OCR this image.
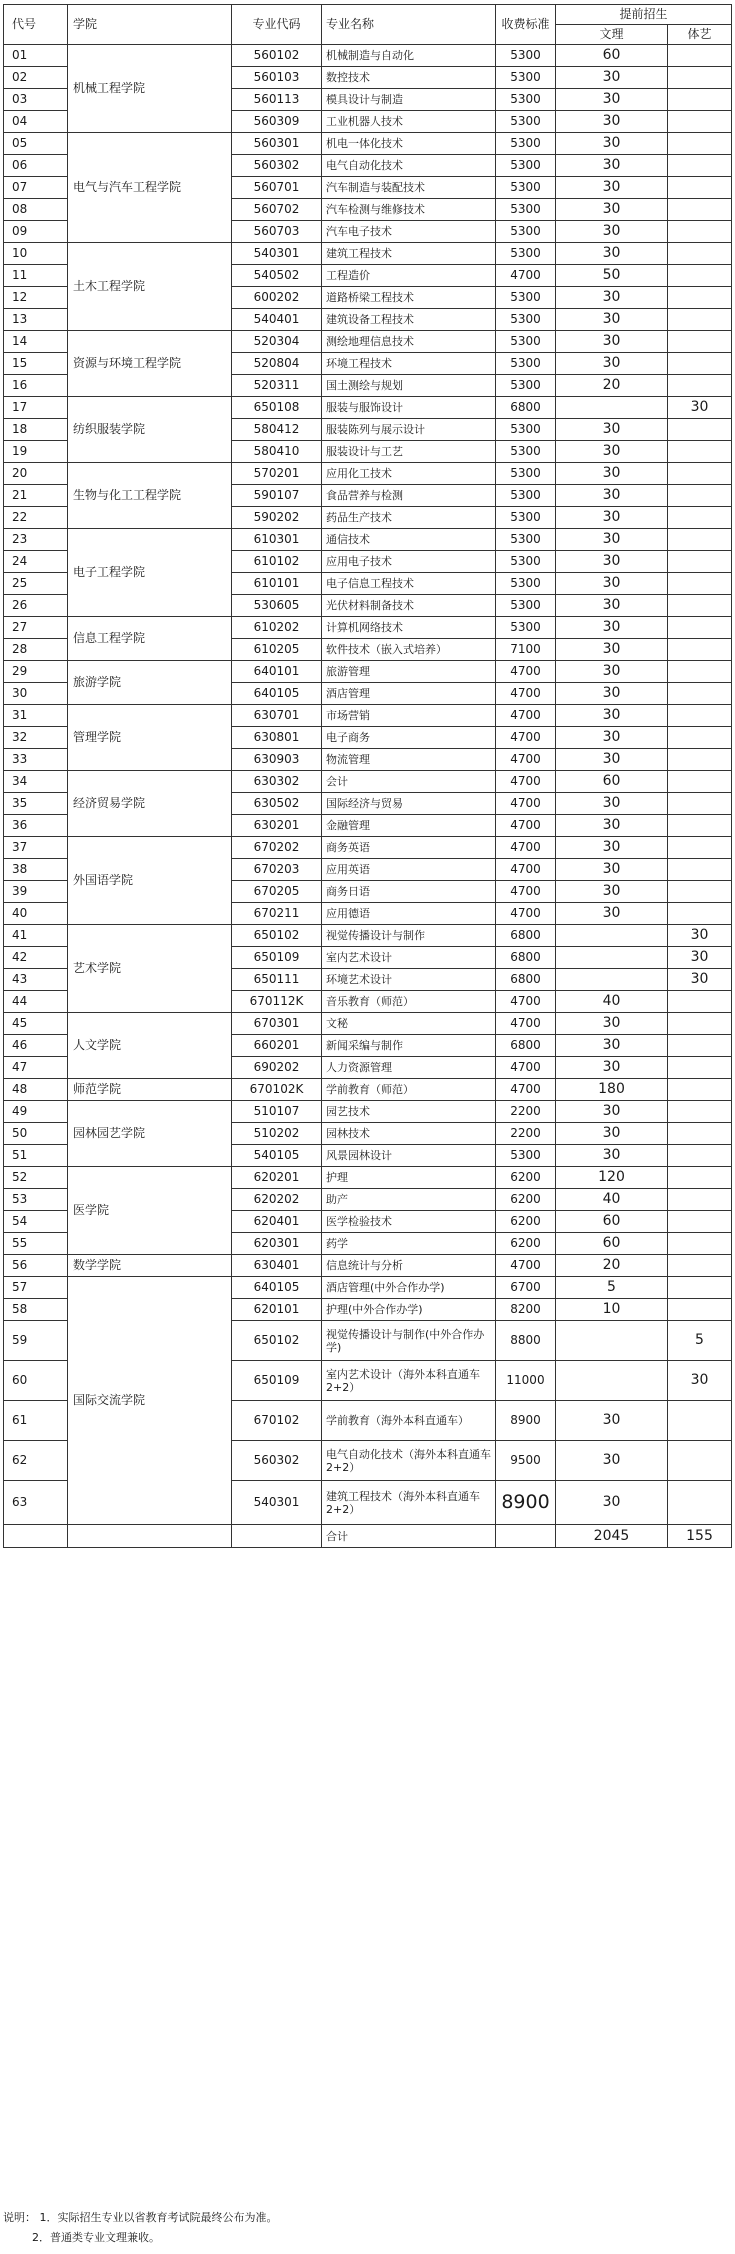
代号	学院	专业代码	专业名称	收费标准	提前招生	
					文理	体艺
01	机械工程学院	560102	机械制造与自动化	5300	60	
02		560103	数控技术	5300	30	
03		560113	模具设计与制造	5300	30	
04		560309	工业机器人技术	5300	30	
05	电气与汽车工程学院	560301	机电一体化技术	5300	30	
06		560302	电气自动化技术	5300	30	
07		560701	汽车制造与装配技术	5300	30	
08		560702	汽车检测与维修技术	5300	30	
09		560703	汽车电子技术	5300	30	
10	土木工程学院	540301	建筑工程技术	5300	30	
11		540502	工程造价	4700	50	
12		600202	道路桥梁工程技术	5300	30	
13		540401	建筑设备工程技术	5300	30	
14	资源与环境工程学院	520304	测绘地理信息技术	5300	30	
15		520804	环境工程技术	5300	30	
16		520311	国土测绘与规划	5300	20	
17	纺织服装学院	650108	服装与服饰设计	6800		30
18		580412	服装陈列与展示设计	5300	30	
19		580410	服装设计与工艺	5300	30	
20	生物与化工工程学院	570201	应用化工技术	5300	30	
21		590107	食品营养与检测	5300	30	
22		590202	药品生产技术	5300	30	
23	电子工程学院	610301	通信技术	5300	30	
24		610102	应用电子技术	5300	30	
25		610101	电子信息工程技术	5300	30	
26		530605	光伏材料制备技术	5300	30	
27	信息工程学院	610202	计算机网络技术	5300	30	
28		610205	软件技术（嵌入式培养）	7100	30	
29	旅游学院	640101	旅游管理	4700	30	
30		640105	酒店管理	4700	30	
31	管理学院	630701	市场营销	4700	30	
32		630801	电子商务	4700	30	
33		630903	物流管理	4700	30	
34	经济贸易学院	630302	会计	4700	60	
35		630502	国际经济与贸易	4700	30	
36		630201	金融管理	4700	30	
37	外国语学院	670202	商务英语	4700	30	
38		670203	应用英语	4700	30	
39		670205	商务日语	4700	30	
40		670211	应用德语	4700	30	
41	艺术学院	650102	视觉传播设计与制作	6800		30
42		650109	室内艺术设计	6800		30
43		650111	环境艺术设计	6800		30
44		670112K	音乐教育（师范）	4700	40	
45	人文学院	670301	文秘	4700	30	
46		660201	新闻采编与制作	6800	30	
47		690202	人力资源管理	4700	30	
48	师范学院	670102K	学前教育（师范）	4700	180	
49	园林园艺学院	510107	园艺技术	2200	30	
50		510202	园林技术	2200	30	
51		540105	风景园林设计	5300	30	
52	医学院	620201	护理	6200	120	
53		620202	助产	6200	40	
54		620401	医学检验技术	6200	60	
55		620301	药学	6200	60	
56	数学学院	630401	信息统计与分析	4700	20	
57	国际交流学院	640105	酒店管理(中外合作办学)	6700	5	
58		620101	护理(中外合作办学)	8200	10	
59		650102	视觉传播设计与制作(中外合作办学)	8800		5
60		650109	室内艺术设计（海外本科直通车2+2）	11000		30
61		670102	学前教育（海外本科直通车）	8900	30	
62		560302	电气自动化技术（海外本科直通车2+2）	9500	30	
63		540301	建筑工程技术（海外本科直通车2+2）	8900	30	
			合计		2045	155
说明： 1．实际招生专业以省教育考试院最终公布为准。
2．普通类专业文理兼收。
